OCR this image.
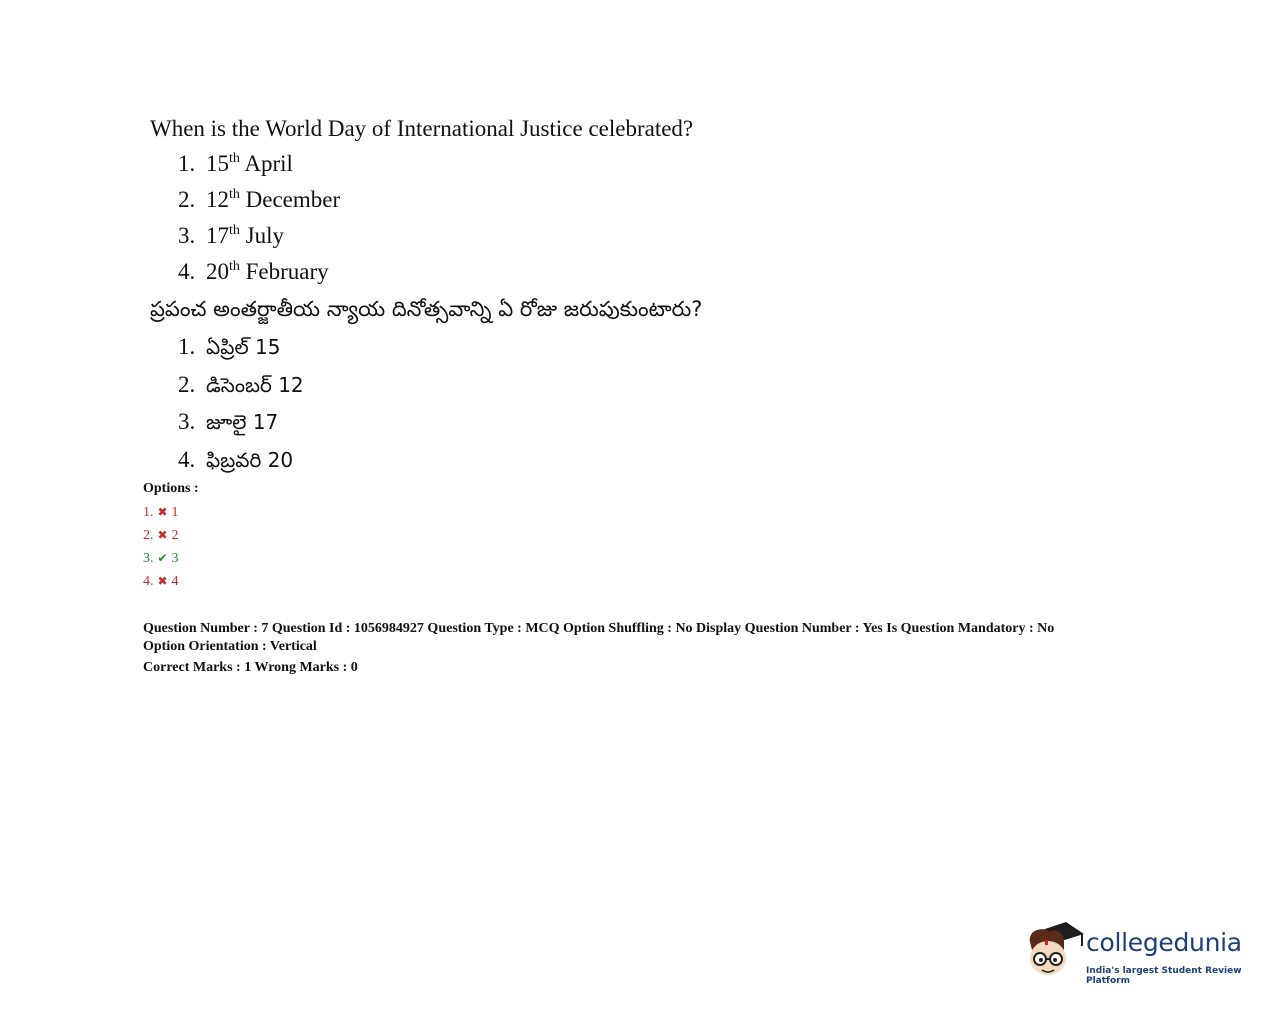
When is the World Day of International Justice celebrated?

1. 15th April
2. 12th December
3. 17th July
4. 20th February

ప్రపంచ అంతర్జాతీయ న్యాయ దినోత్సవాన్ని ఏ రోజు జరుపుకుంటారు?

1. ఏప్రిల్ 15
2. డిసెంబర్ 12
3. జూలై 17
4. ఫిబ్రవరి 20
Options :
1. ✖ 1
2. ✖ 2
3. ✔ 3
4. ✖ 4

Question Number : 7 Question Id : 1056984927 Question Type : MCQ Option Shuffling : No Display Question Number : Yes Is Question Mandatory : No

Option Orientation : Vertical

Correct Marks : 1 Wrong Marks : 0

collegedunia
India's largest Student Review Platform
